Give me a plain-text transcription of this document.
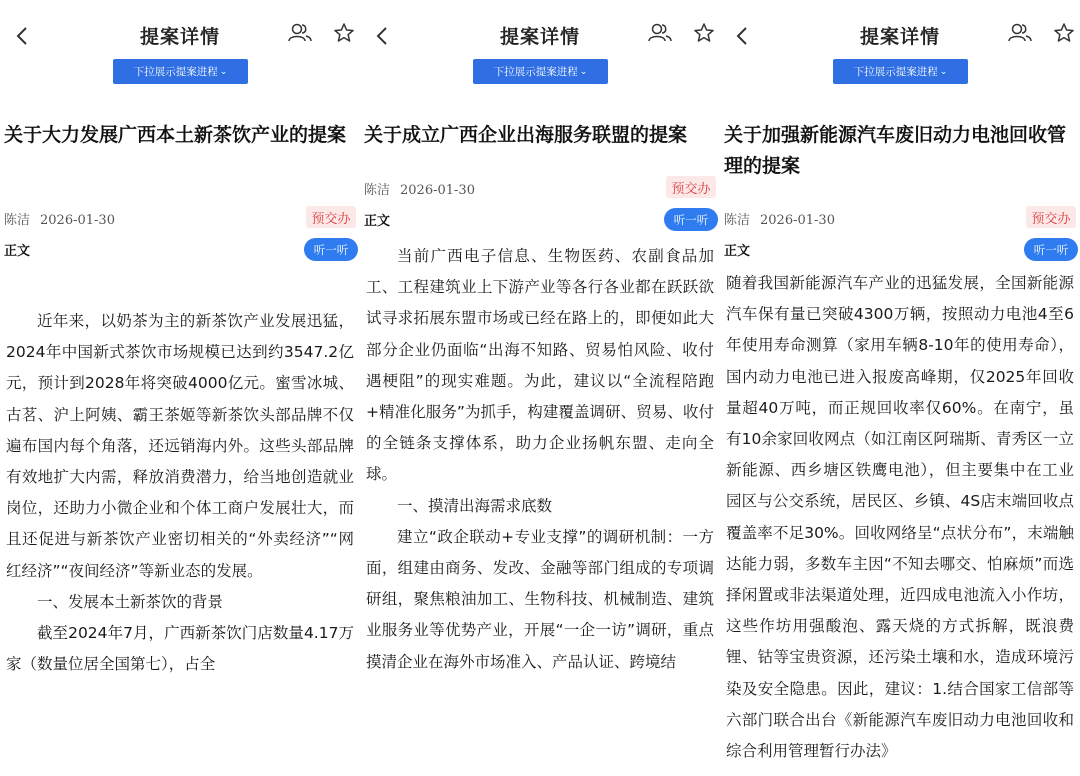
提案详情
下拉展示提案进程 ⌄
关于大力发展广西本土新茶饮产业的提案
陈洁 2026-01-30	预交办
正文	听一听

近年来，以奶茶为主的新茶饮产业发展迅猛，2024年中国新式茶饮市场规模已达到约3547.2亿元，预计到2028年将突破4000亿元。蜜雪冰城、古茗、沪上阿姨、霸王茶姬等新茶饮头部品牌不仅遍布国内每个角落，还远销海内外。这些头部品牌有效地扩大内需，释放消费潜力，给当地创造就业岗位，还助力小微企业和个体工商户发展壮大，而且还促进与新茶饮产业密切相关的“外卖经济”“网红经济”“夜间经济”等新业态的发展。

一、发展本土新茶饮的背景

截至2024年7月，广西新茶饮门店数量4.17万家（数量位居全国第七），占全

提案详情
下拉展示提案进程 ⌄
关于成立广西企业出海服务联盟的提案
陈洁 2026-01-30	预交办
正文	听一听

当前广西电子信息、生物医药、农副食品加工、工程建筑业上下游产业等各行各业都在跃跃欲试寻求拓展东盟市场或已经在路上的，即便如此大部分企业仍面临“出海不知路、贸易怕风险、收付遇梗阻”的现实难题。为此，建议以“全流程陪跑+精准化服务”为抓手，构建覆盖调研、贸易、收付的全链条支撑体系，助力企业扬帆东盟、走向全球。

一、摸清出海需求底数

建立“政企联动+专业支撑”的调研机制：一方面，组建由商务、发改、金融等部门组成的专项调研组，聚焦粮油加工、生物科技、机械制造、建筑业服务业等优势产业，开展“一企一访”调研，重点摸清企业在海外市场准入、产品认证、跨境结

提案详情
下拉展示提案进程 ⌄
关于加强新能源汽车废旧动力电池回收管理的提案
陈洁 2026-01-30	预交办
正文	听一听

随着我国新能源汽车产业的迅猛发展，全国新能源汽车保有量已突破4300万辆，按照动力电池4至6年使用寿命测算（家用车辆8-10年的使用寿命），国内动力电池已进入报废高峰期，仅2025年回收量超40万吨，而正规回收率仅60%。在南宁，虽有10余家回收网点（如江南区阿瑞斯、青秀区一立新能源、西乡塘区铁鹰电池），但主要集中在工业园区与公交系统，居民区、乡镇、4S店末端回收点覆盖率不足30%。回收网络呈“点状分布”，末端触达能力弱，多数车主因“不知去哪交、怕麻烦”而选择闲置或非法渠道处理，近四成电池流入小作坊，这些作坊用强酸泡、露天烧的方式拆解，既浪费锂、钴等宝贵资源，还污染土壤和水，造成环境污染及安全隐患。因此，建议：1.结合国家工信部等六部门联合出台《新能源汽车废旧动力电池回收和综合利用管理暂行办法》
